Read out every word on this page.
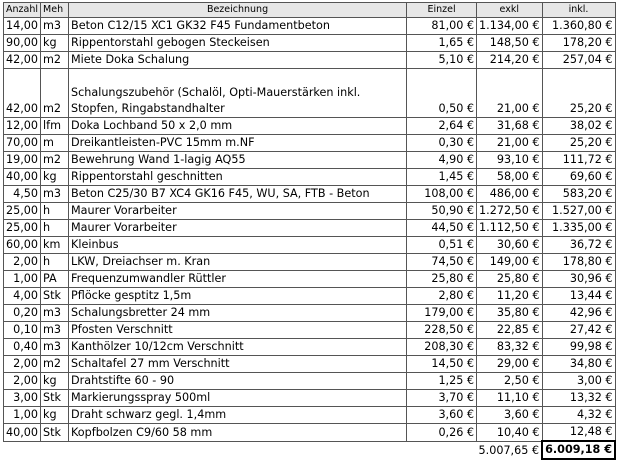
Anzahl	Meh	Bezeichnung	Einzel	exkl	inkl.
14,00	m3	Beton C12/15 XC1 GK32 F45 Fundamentbeton	81,00 €	1.134,00 €	1.360,80 €
90,00	kg	Rippentorstahl gebogen Steckeisen	1,65 €	148,50 €	178,20 €
42,00	m2	Miete Doka Schalung	5,10 €	214,20 €	257,04 €
42,00	m2	Schalungszubehör (Schalöl, Opti-Mauerstärken inkl. Stopfen, Ringabstandhalter	0,50 €	21,00 €	25,20 €
12,00	lfm	Doka Lochband 50 x 2,0 mm	2,64 €	31,68 €	38,02 €
70,00	m	Dreikantleisten-PVC 15mm m.NF	0,30 €	21,00 €	25,20 €
19,00	m2	Bewehrung Wand 1-lagig AQ55	4,90 €	93,10 €	111,72 €
40,00	kg	Rippentorstahl geschnitten	1,45 €	58,00 €	69,60 €
4,50	m3	Beton C25/30 B7 XC4 GK16 F45, WU, SA, FTB - Beton	108,00 €	486,00 €	583,20 €
25,00	h	Maurer Vorarbeiter	50,90 €	1.272,50 €	1.527,00 €
25,00	h	Maurer Vorarbeiter	44,50 €	1.112,50 €	1.335,00 €
60,00	km	Kleinbus	0,51 €	30,60 €	36,72 €
2,00	h	LKW, Dreiachser m. Kran	74,50 €	149,00 €	178,80 €
1,00	PA	Frequenzumwandler Rüttler	25,80 €	25,80 €	30,96 €
4,00	Stk	Pflöcke gesptitz 1,5m	2,80 €	11,20 €	13,44 €
0,20	m3	Schalungsbretter 24 mm	179,00 €	35,80 €	42,96 €
0,10	m3	Pfosten Verschnitt	228,50 €	22,85 €	27,42 €
0,40	m3	Kanthölzer 10/12cm Verschnitt	208,30 €	83,32 €	99,98 €
2,00	m2	Schaltafel 27 mm Verschnitt	14,50 €	29,00 €	34,80 €
2,00	kg	Drahtstifte 60 - 90	1,25 €	2,50 €	3,00 €
3,00	Stk	Markierungsspray 500ml	3,70 €	11,10 €	13,32 €
1,00	kg	Draht schwarz gegl. 1,4mm	3,60 €	3,60 €	4,32 €
40,00	Stk	Kopfbolzen C9/60 58 mm	0,26 €	10,40 €	12,48 €
				5.007,65 €	6.009,18 €
